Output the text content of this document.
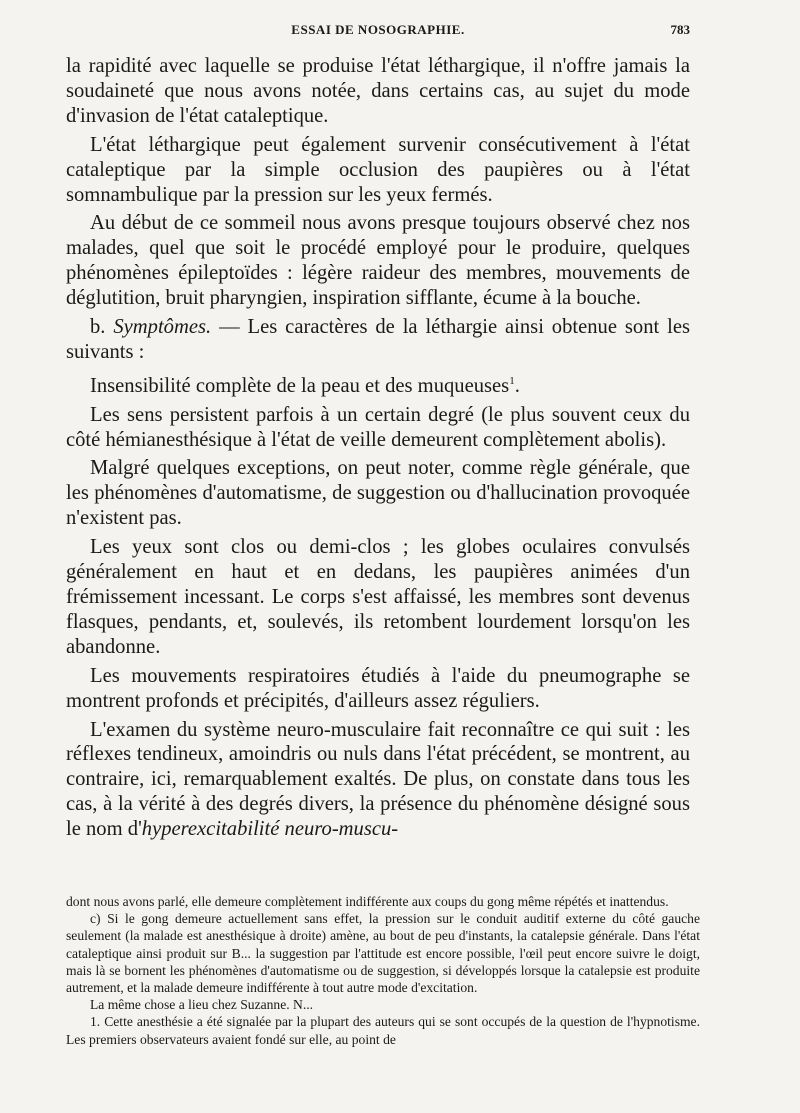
ESSAI DE NOSOGRAPHIE.	783

la rapidité avec laquelle se produise l'état léthargique, il n'offre jamais la soudaineté que nous avons notée, dans certains cas, au sujet du mode d'invasion de l'état cataleptique.

L'état léthargique peut également survenir consécutivement à l'état cataleptique par la simple occlusion des paupières ou à l'état somnambulique par la pression sur les yeux fermés.

Au début de ce sommeil nous avons presque toujours observé chez nos malades, quel que soit le procédé employé pour le produire, quelques phénomènes épileptoïdes : légère raideur des membres, mouvements de déglutition, bruit pharyngien, inspiration sifflante, écume à la bouche.

b. Symptômes. — Les caractères de la léthargie ainsi obtenue sont les suivants :

Insensibilité complète de la peau et des muqueuses$^1$.

Les sens persistent parfois à un certain degré (le plus souvent ceux du côté hémianesthésique à l'état de veille demeurent complètement abolis).

Malgré quelques exceptions, on peut noter, comme règle générale, que les phénomènes d'automatisme, de suggestion ou d'hallucination provoquée n'existent pas.

Les yeux sont clos ou demi-clos ; les globes oculaires convulsés généralement en haut et en dedans, les paupières animées d'un frémissement incessant. Le corps s'est affaissé, les membres sont devenus flasques, pendants, et, soulevés, ils retombent lourdement lorsqu'on les abandonne.

Les mouvements respiratoires étudiés à l'aide du pneumographe se montrent profonds et précipités, d'ailleurs assez réguliers.

L'examen du système neuro-musculaire fait reconnaître ce qui suit : les réflexes tendineux, amoindris ou nuls dans l'état précédent, se montrent, au contraire, ici, remarquablement exaltés. De plus, on constate dans tous les cas, à la vérité à des degrés divers, la présence du phénomène désigné sous le nom d'hyperexcitabilité neuro-muscu-

dont nous avons parlé, elle demeure complètement indifférente aux coups du gong même répétés et inattendus.

c) Si le gong demeure actuellement sans effet, la pression sur le conduit auditif externe du côté gauche seulement (la malade est anesthésique à droite) amène, au bout de peu d'instants, la catalepsie générale. Dans l'état cataleptique ainsi produit sur B... la suggestion par l'attitude est encore possible, l'œil peut encore suivre le doigt, mais là se bornent les phénomènes d'automatisme ou de suggestion, si développés lorsque la catalepsie est produite autrement, et la malade demeure indifférente à tout autre mode d'excitation.

La même chose a lieu chez Suzanne. N...

1. Cette anesthésie a été signalée par la plupart des auteurs qui se sont occupés de la question de l'hypnotisme. Les premiers observateurs avaient fondé sur elle, au point de
